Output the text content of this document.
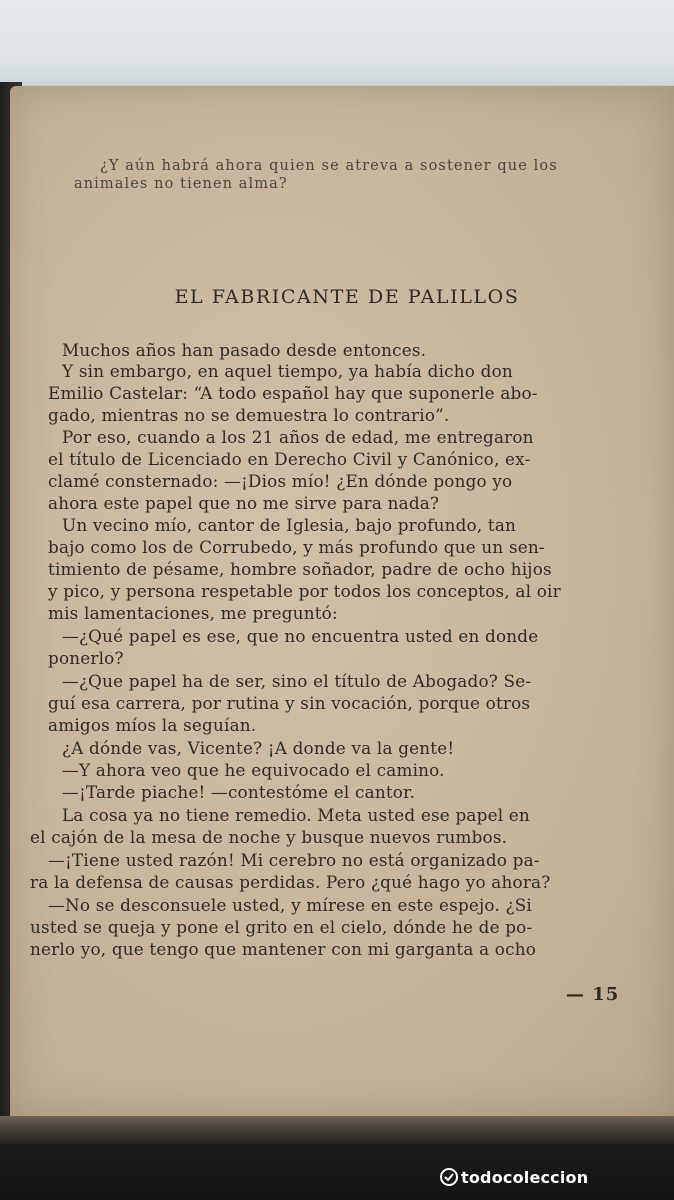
¿Y aún habrá ahora quien se atreva a sostener que los
animales no tienen alma?
EL FABRICANTE DE PALILLOS
Muchos años han pasado desde entonces.
Y sin embargo, en aquel tiempo, ya había dicho don
Emilio Castelar: “A todo español hay que suponerle abo-
gado, mientras no se demuestra lo contrario”.
Por eso, cuando a los 21 años de edad, me entregaron
el título de Licenciado en Derecho Civil y Canónico, ex-
clamé consternado: —¡Dios mío! ¿En dónde pongo yo
ahora este papel que no me sirve para nada?
Un vecino mío, cantor de Iglesia, bajo profundo, tan
bajo como los de Corrubedo, y más profundo que un sen-
timiento de pésame, hombre soñador, padre de ocho hijos
y pico, y persona respetable por todos los conceptos, al oir
mis lamentaciones, me preguntó:
—¿Qué papel es ese, que no encuentra usted en donde
ponerlo?
—¿Que papel ha de ser, sino el título de Abogado? Se-
guí esa carrera, por rutina y sin vocación, porque otros
amigos míos la seguían.
¿A dónde vas, Vicente? ¡A donde va la gente!
—Y ahora veo que he equivocado el camino.
—¡Tarde piache! —contestóme el cantor.
La cosa ya no tiene remedio. Meta usted ese papel en
el cajón de la mesa de noche y busque nuevos rumbos.
—¡Tiene usted razón! Mi cerebro no está organizado pa-
ra la defensa de causas perdidas. Pero ¿qué hago yo ahora?
—No se desconsuele usted, y mírese en este espejo. ¿Si
usted se queja y pone el grito en el cielo, dónde he de po-
nerlo yo, que tengo que mantener con mi garganta a ocho
— 15
todocoleccion
